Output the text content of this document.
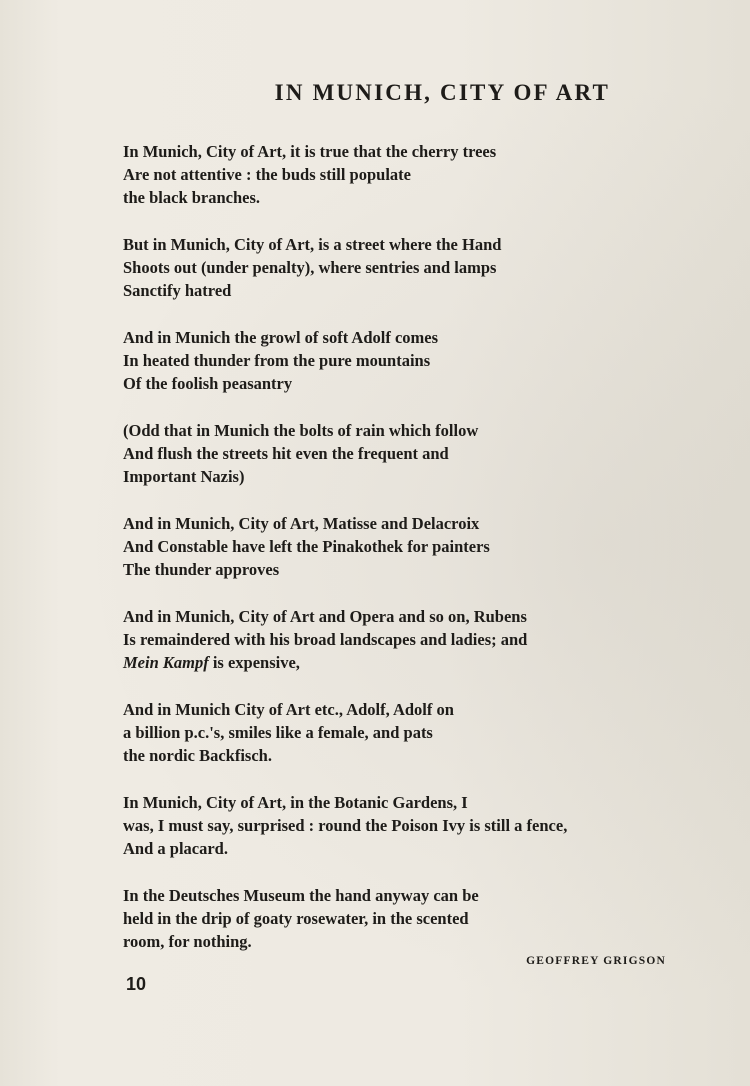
IN MUNICH, CITY OF ART
In Munich, City of Art, it is true that the cherry trees
Are not attentive : the buds still populate
the black branches.
But in Munich, City of Art, is a street where the Hand
Shoots out (under penalty), where sentries and lamps
Sanctify hatred
And in Munich the growl of soft Adolf comes
In heated thunder from the pure mountains
Of the foolish peasantry
(Odd that in Munich the bolts of rain which follow
And flush the streets hit even the frequent and
Important Nazis)
And in Munich, City of Art, Matisse and Delacroix
And Constable have left the Pinakothek for painters
The thunder approves
And in Munich, City of Art and Opera and so on, Rubens
Is remaindered with his broad landscapes and ladies; and
Mein Kampf is expensive,
And in Munich City of Art etc., Adolf, Adolf on
a billion p.c.'s, smiles like a female, and pats
the nordic Backfisch.
In Munich, City of Art, in the Botanic Gardens, I
was, I must say, surprised : round the Poison Ivy is still a fence,
And a placard.
In the Deutsches Museum the hand anyway can be
held in the drip of goaty rosewater, in the scented
room, for nothing.
GEOFFREY GRIGSON
10
